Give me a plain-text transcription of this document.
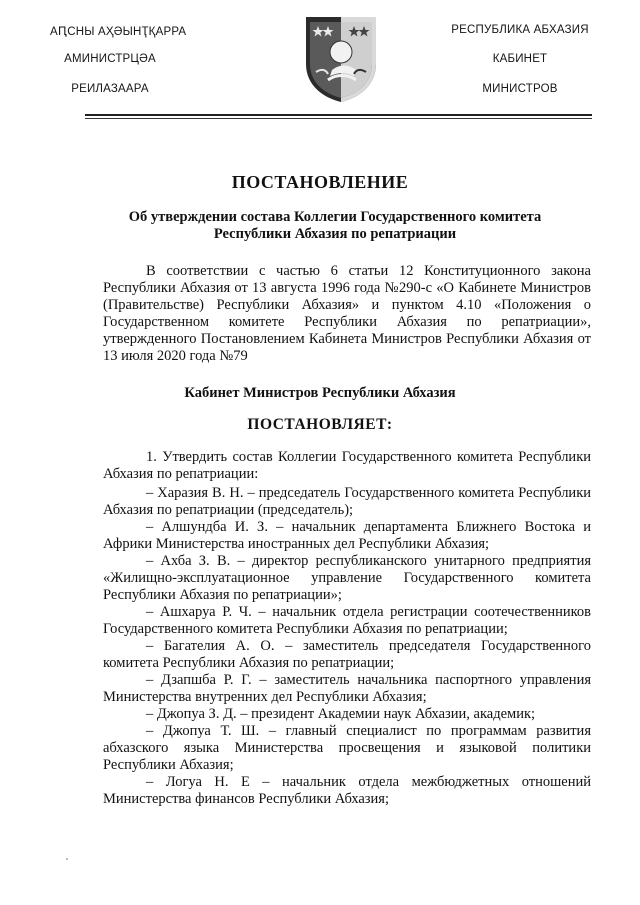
АԤСНЫ АҲӘЫНҬҚАРРА
АМИНИСТРЦӘА
РЕИЛАЗААРА
РЕСПУБЛИКА АБХАЗИЯ
КАБИНЕТ
МИНИСТРОВ
ПОСТАНОВЛЕНИЕ
Об утверждении состава Коллегии Государственного комитета
Республики Абхазия по репатриации
В соответствии с частью 6 статьи 12 Конституционного закона Республики Абхазия от 13 августа 1996 года №290-с «О Кабинете Министров (Правительстве) Республики Абхазия» и пунктом 4.10 «Положения о Государственном комитете Республики Абхазия по репатриации», утвержденного Постановлением Кабинета Министров Республики Абхазия от 13 июля 2020 года №79
Кабинет Министров Республики Абхазия
ПОСТАНОВЛЯЕТ:
1. Утвердить состав Коллегии Государственного комитета Республики Абхазия по репатриации:
– Харазия В. Н. – председатель Государственного комитета Республики Абхазия по репатриации (председатель);
– Алшундба И. З. – начальник департамента Ближнего Востока и Африки Министерства иностранных дел Республики Абхазия;
– Ахба З. В. – директор республиканского унитарного предприятия «Жилищно-эксплуатационное управление Государственного комитета Республики Абхазия по репатриации»;
– Ашхаруа Р. Ч. – начальник отдела регистрации соотечественников Государственного комитета Республики Абхазия по репатриации;
– Багателия А. О. – заместитель председателя Государственного комитета Республики Абхазия по репатриации;
– Дзапшба Р. Г. – заместитель начальника паспортного управления Министерства внутренних дел Республики Абхазия;
– Джопуа З. Д. – президент Академии наук Абхазии, академик;
– Джопуа Т. Ш. – главный специалист по программам развития абхазского языка Министерства просвещения и языковой политики Республики Абхазия;
– Логуа Н. Е – начальник отдела межбюджетных отношений Министерства финансов Республики Абхазия;
